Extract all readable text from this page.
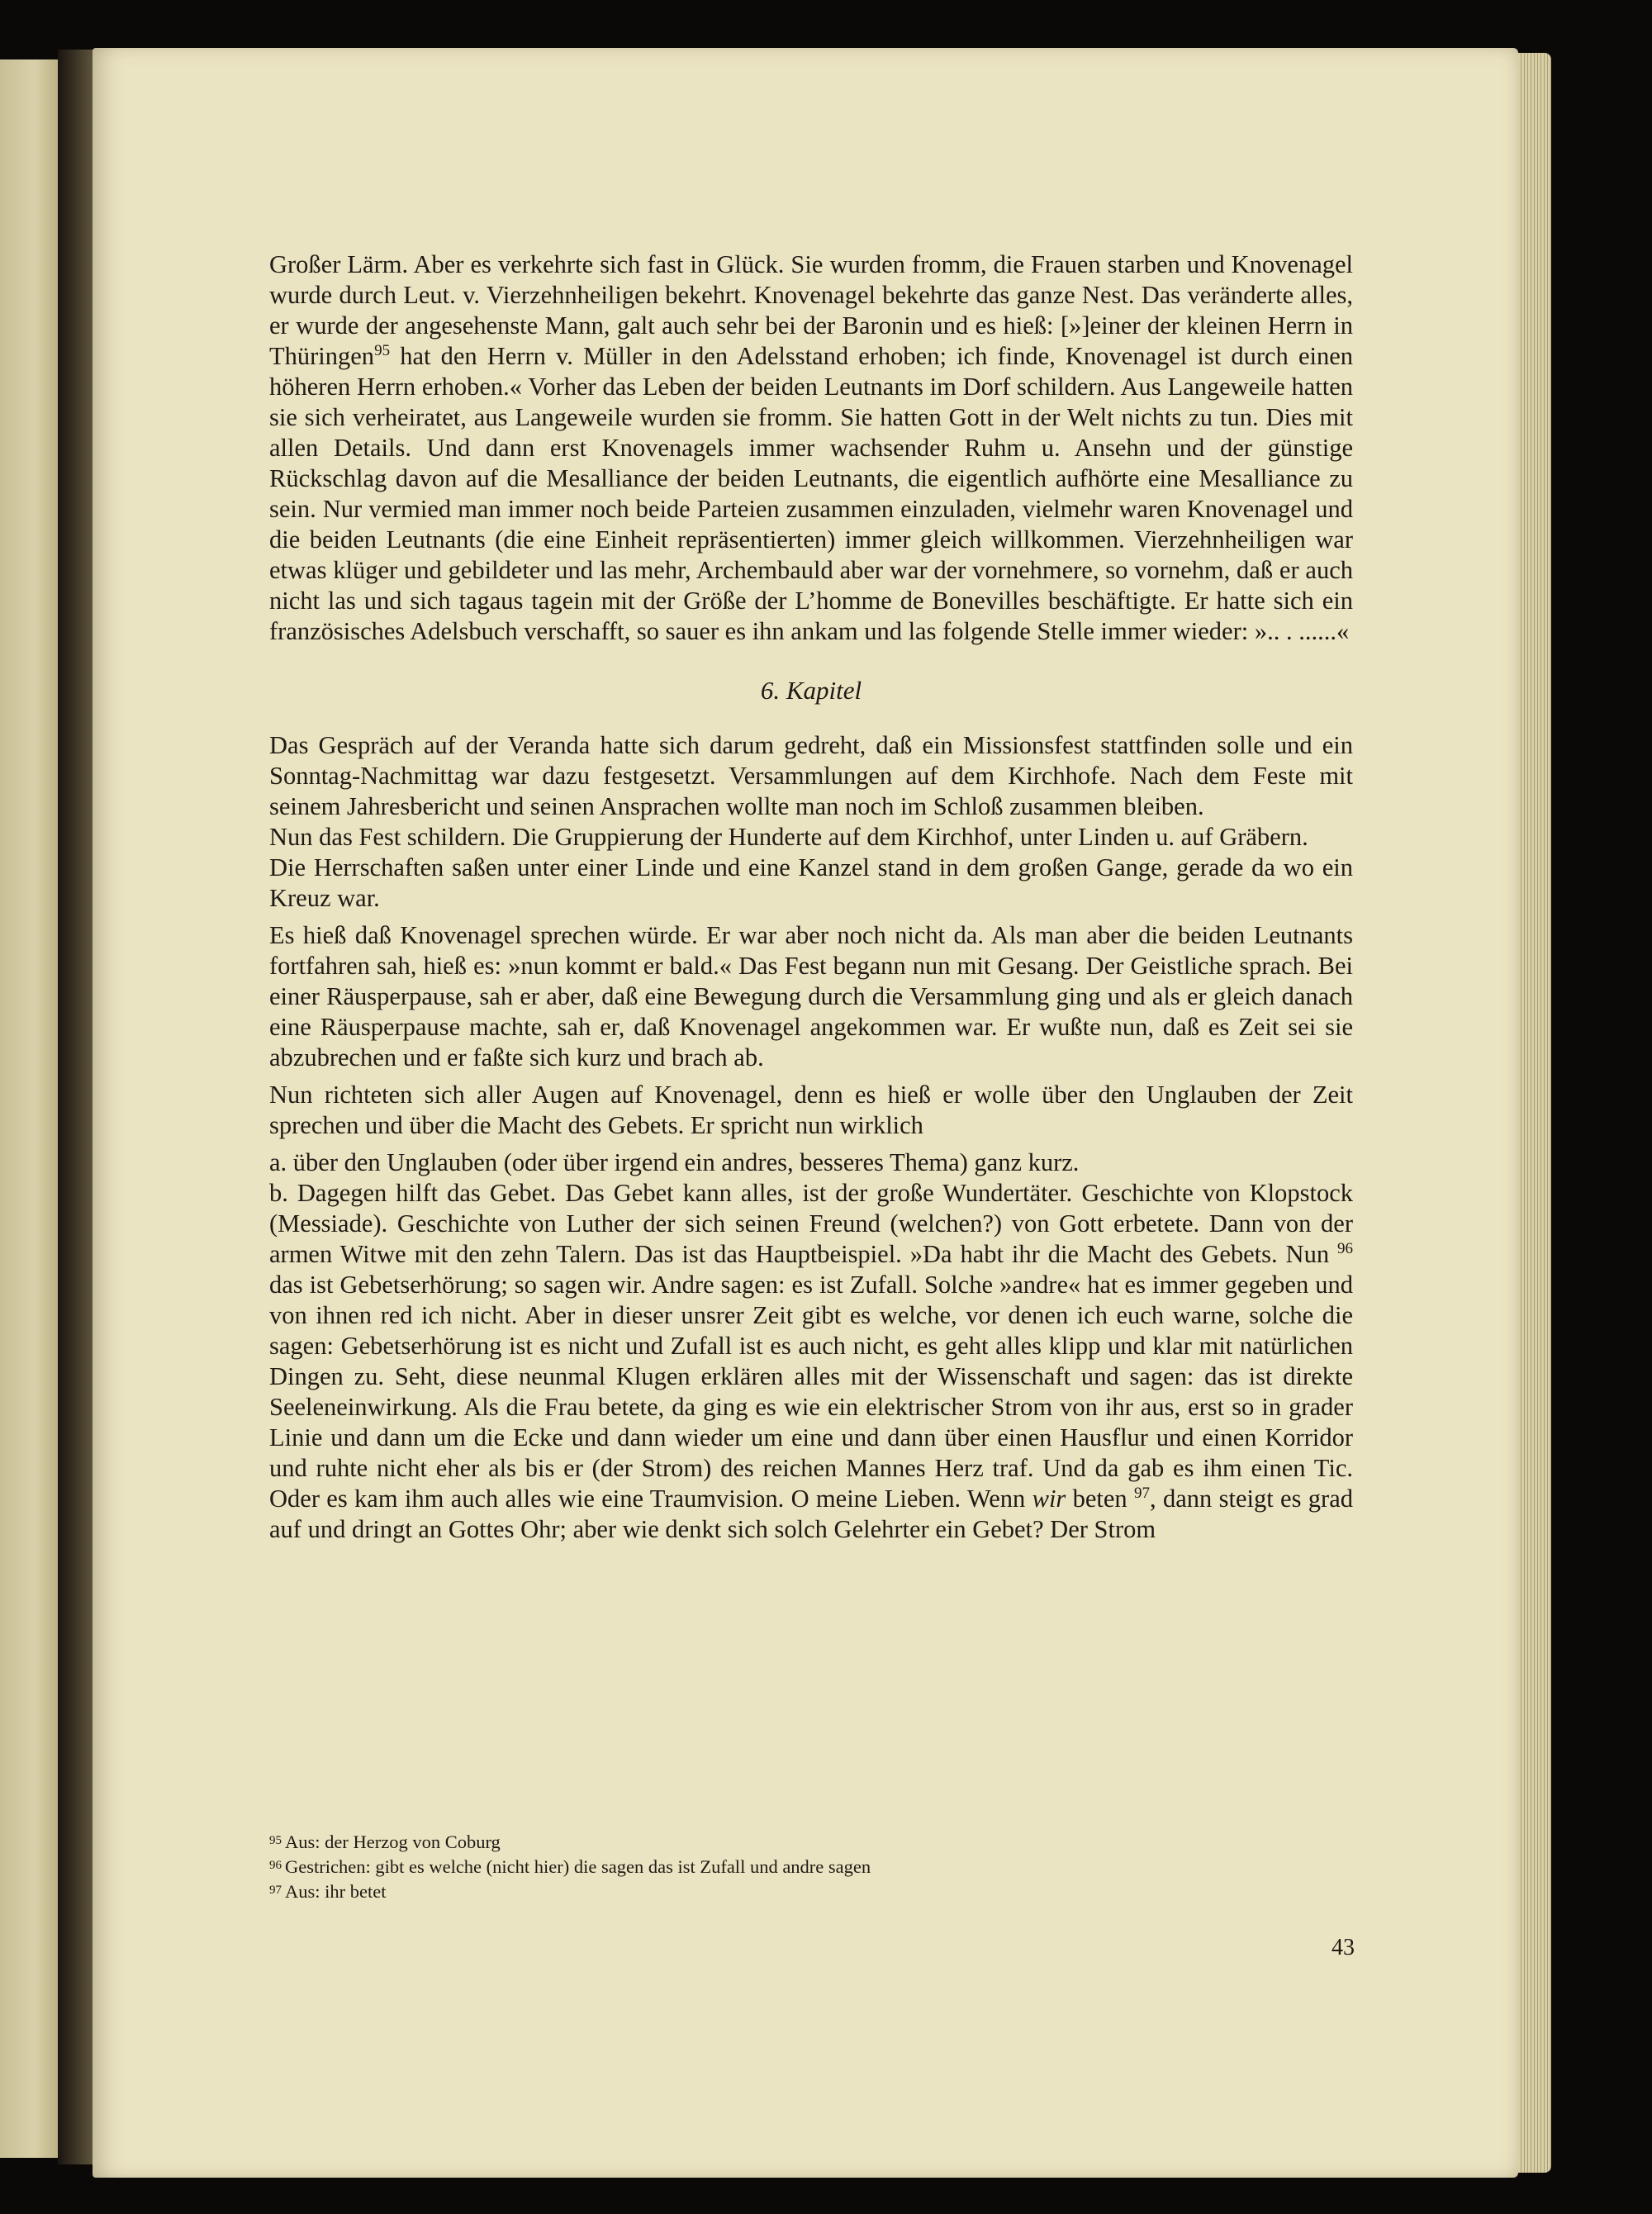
Großer Lärm. Aber es verkehrte sich fast in Glück. Sie wurden fromm, die Frauen starben und Knovenagel wurde durch Leut. v. Vierzehnheiligen bekehrt. Knovenagel bekehrte das ganze Nest. Das veränderte alles, er wurde der angesehenste Mann, galt auch sehr bei der Baronin und es hieß: [»]einer der kleinen Herrn in Thüringen$^{95}$ hat den Herrn v. Müller in den Adelsstand erhoben; ich finde, Knovenagel ist durch einen höheren Herrn erhoben.« Vorher das Leben der beiden Leutnants im Dorf schildern. Aus Langeweile hatten sie sich verheiratet, aus Langeweile wurden sie fromm. Sie hatten Gott in der Welt nichts zu tun. Dies mit allen Details. Und dann erst Knovenagels immer wachsender Ruhm u. Ansehn und der günstige Rückschlag davon auf die Mesalliance der beiden Leutnants, die eigentlich aufhörte eine Mesalliance zu sein. Nur vermied man immer noch beide Parteien zusammen einzuladen, vielmehr waren Knovenagel und die beiden Leutnants (die eine Einheit repräsentierten) immer gleich willkommen. Vierzehnheiligen war etwas klüger und gebildeter und las mehr, Archembauld aber war der vornehmere, so vornehm, daß er auch nicht las und sich tagaus tagein mit der Größe der L’homme de Bonevilles beschäftigte. Er hatte sich ein französisches Adelsbuch verschafft, so sauer es ihn ankam und las folgende Stelle immer wieder: ».. . ......«

6. Kapitel

Das Gespräch auf der Veranda hatte sich darum gedreht, daß ein Missionsfest stattfinden solle und ein Sonntag-Nachmittag war dazu festgesetzt. Versammlungen auf dem Kirchhofe. Nach dem Feste mit seinem Jahresbericht und seinen Ansprachen wollte man noch im Schloß zusammen bleiben.

Nun das Fest schildern. Die Gruppierung der Hunderte auf dem Kirchhof, unter Linden u. auf Gräbern.

Die Herrschaften saßen unter einer Linde und eine Kanzel stand in dem großen Gange, gerade da wo ein Kreuz war.

Es hieß daß Knovenagel sprechen würde. Er war aber noch nicht da. Als man aber die beiden Leutnants fortfahren sah, hieß es: »nun kommt er bald.« Das Fest begann nun mit Gesang. Der Geistliche sprach. Bei einer Räusperpause, sah er aber, daß eine Bewegung durch die Versammlung ging und als er gleich danach eine Räusperpause machte, sah er, daß Knovenagel angekommen war. Er wußte nun, daß es Zeit sei sie abzubrechen und er faßte sich kurz und brach ab.

Nun richteten sich aller Augen auf Knovenagel, denn es hieß er wolle über den Unglauben der Zeit sprechen und über die Macht des Gebets. Er spricht nun wirklich

a. über den Unglauben (oder über irgend ein andres, besseres Thema) ganz kurz.

b. Dagegen hilft das Gebet. Das Gebet kann alles, ist der große Wundertäter. Geschichte von Klopstock (Messiade). Geschichte von Luther der sich seinen Freund (welchen?) von Gott erbetete. Dann von der armen Witwe mit den zehn Talern. Das ist das Hauptbeispiel. »Da habt ihr die Macht des Gebets. Nun $^{96}$ das ist Gebetserhörung; so sagen wir. Andre sagen: es ist Zufall. Solche »andre« hat es immer gegeben und von ihnen red ich nicht. Aber in dieser unsrer Zeit gibt es welche, vor denen ich euch warne, solche die sagen: Gebetserhörung ist es nicht und Zufall ist es auch nicht, es geht alles klipp und klar mit natürlichen Dingen zu. Seht, diese neunmal Klugen erklären alles mit der Wissenschaft und sagen: das ist direkte Seeleneinwirkung. Als die Frau betete, da ging es wie ein elektrischer Strom von ihr aus, erst so in grader Linie und dann um die Ecke und dann wieder um eine und dann über einen Hausflur und einen Korridor und ruhte nicht eher als bis er (der Strom) des reichen Mannes Herz traf. Und da gab es ihm einen Tic. Oder es kam ihm auch alles wie eine Traumvision. O meine Lieben. Wenn wir beten $^{97}$, dann steigt es grad auf und dringt an Gottes Ohr; aber wie denkt sich solch Gelehrter ein Gebet? Der Strom

$^{95}$ Aus: der Herzog von Coburg
$^{96}$ Gestrichen: gibt es welche (nicht hier) die sagen das ist Zufall und andre sagen
$^{97}$ Aus: ihr betet
43
